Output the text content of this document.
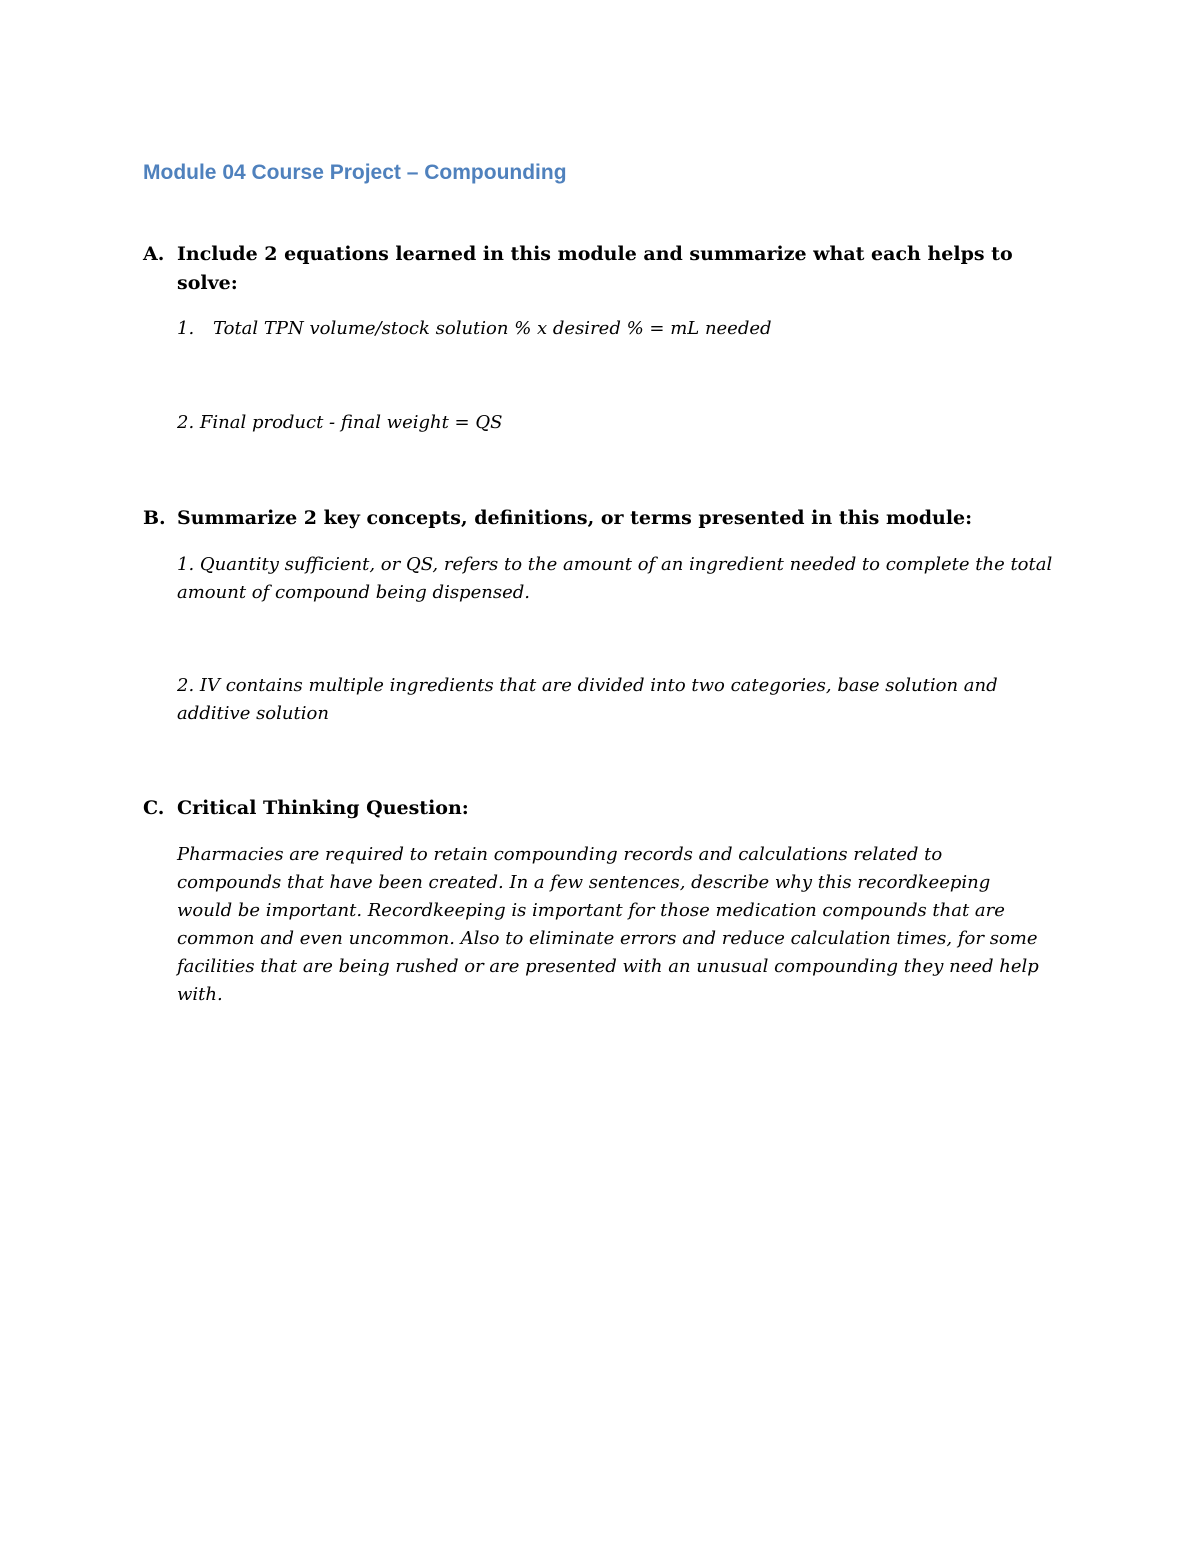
Module 04 Course Project – Compounding
A. Include 2 equations learned in this module and summarize what each helps to solve:
1. Total TPN volume/stock solution % x desired % = mL needed
2. Final product - final weight = QS
B. Summarize 2 key concepts, definitions, or terms presented in this module:
1. Quantity sufficient, or QS, refers to the amount of an ingredient needed to complete the total amount of compound being dispensed.
2. IV contains multiple ingredients that are divided into two categories, base solution and additive solution
C. Critical Thinking Question:
Pharmacies are required to retain compounding records and calculations related to compounds that have been created. In a few sentences, describe why this recordkeeping would be important. Recordkeeping is important for those medication compounds that are common and even uncommon. Also to eliminate errors and reduce calculation times, for some facilities that are being rushed or are presented with an unusual compounding they need help with.
